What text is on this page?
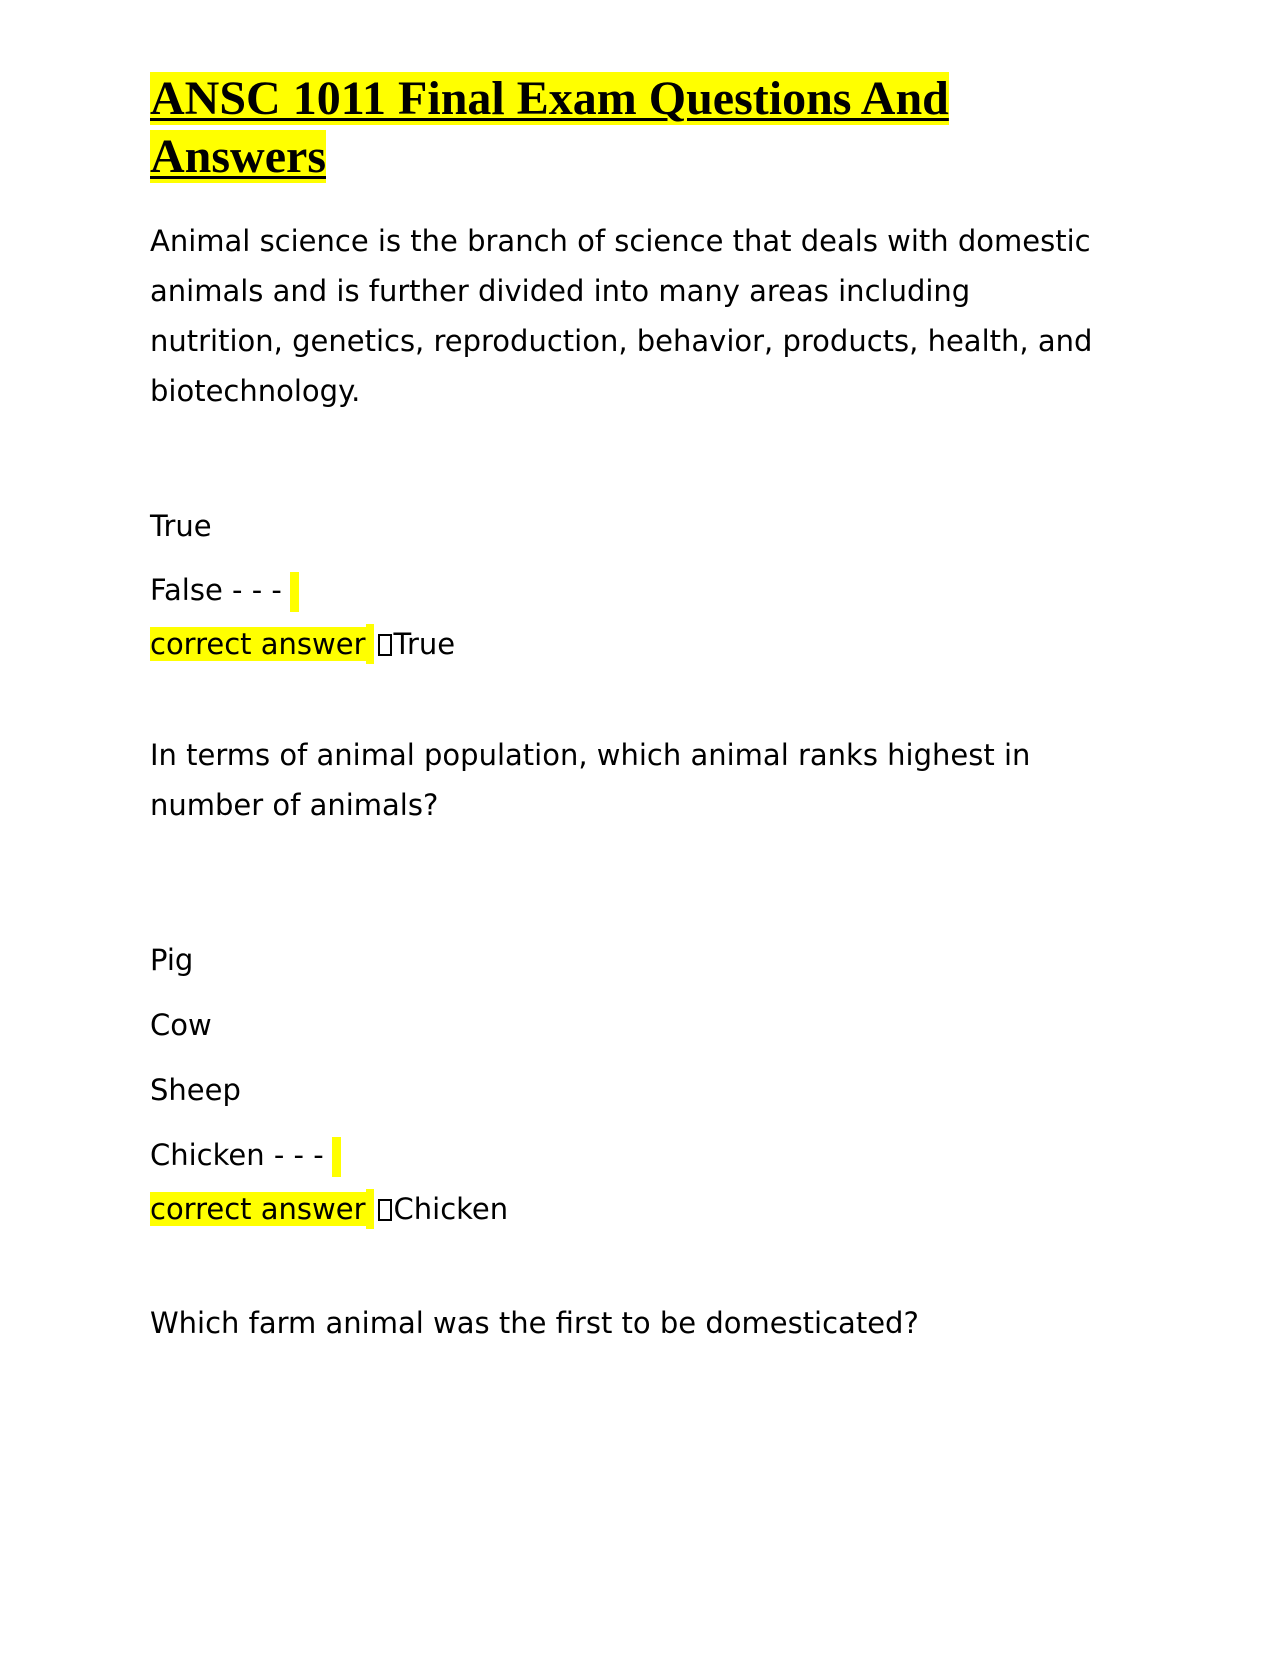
ANSC 1011 Final Exam Questions And Answers

Animal science is the branch of science that deals with domestic animals and is further divided into many areas including nutrition, genetics, reproduction, behavior, products, health, and biotechnology.

True

False - - -

correct answer True

In terms of animal population, which animal ranks highest in number of animals?

Pig

Cow

Sheep

Chicken - - -

correct answer Chicken

Which farm animal was the first to be domesticated?
